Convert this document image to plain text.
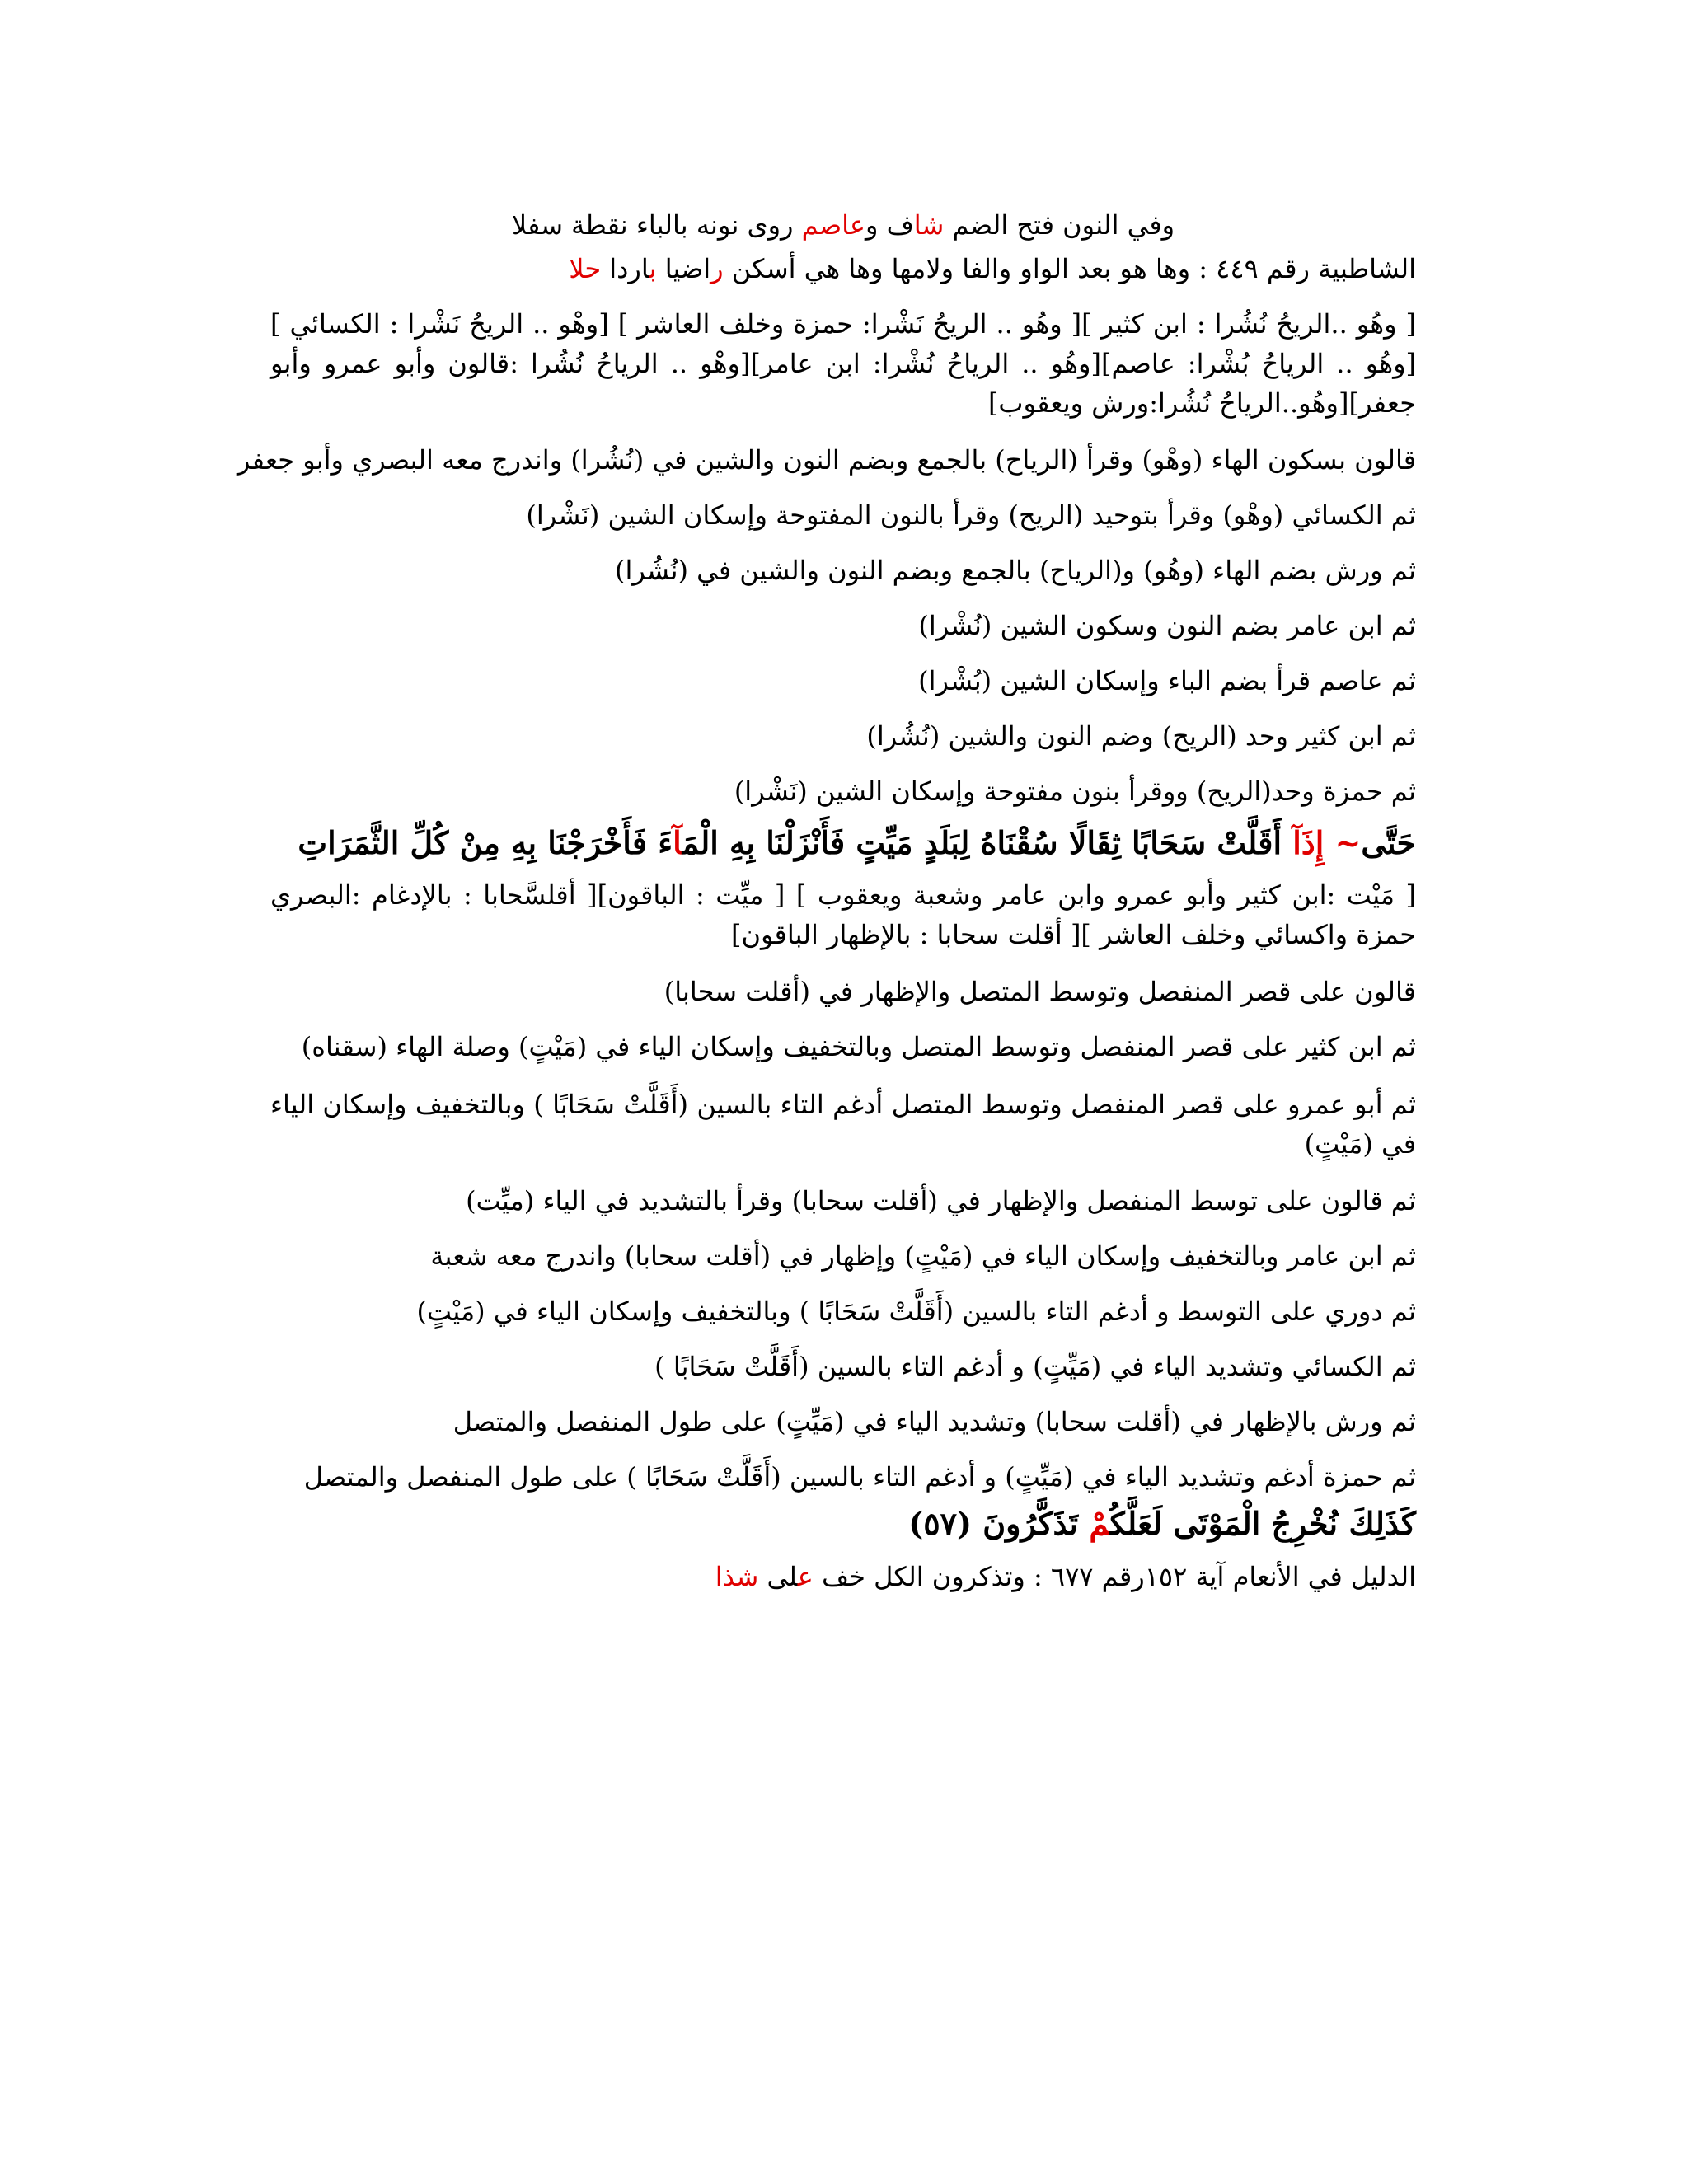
وفي النون فتح الضم شاف وعاصم روى نونه بالباء نقطة سفلا

الشاطبية رقم ٤٤٩ : وها هو بعد الواو والفا ولامها وها هي أسكن راضيا باردا حلا

[ وهُو ..الريحُ نُشُرا : ابن كثير ][ وهُو .. الريحُ نَشْرا: حمزة وخلف العاشر ] [وهْو .. الريحُ نَشْرا : الكسائي ][وهُو .. الرياحُ بُشْرا: عاصم][وهُو .. الرياحُ نُشْرا: ابن عامر][وهْو .. الرياحُ نُشُرا :قالون وأبو عمرو وأبو جعفر][وهُو..الرياحُ نُشُرا:ورش ويعقوب]

قالون بسكون الهاء (وهْو) وقرأ (الرياح) بالجمع وبضم النون والشين في (نُشُرا) واندرج معه البصري وأبو جعفر

ثم الكسائي (وهْو) وقرأ بتوحيد (الريح) وقرأ بالنون المفتوحة وإسكان الشين (نَشْرا)

ثم ورش بضم الهاء (وهُو) و(الرياح) بالجمع وبضم النون والشين في (نُشُرا)

ثم ابن عامر بضم النون وسكون الشين (نُشْرا)

ثم عاصم قرأ بضم الباء وإسكان الشين (بُشْرا)

ثم ابن كثير وحد (الريح) وضم النون والشين (نُشُرا)

ثم حمزة وحد(الريح) ووقرأ بنون مفتوحة وإسكان الشين (نَشْرا)

حَتَّى~ إِذَآ أَقَلَّتْ سَحَابًا ثِقَالًا سُقْنَاهُ لِبَلَدٍ مَيِّتٍ فَأَنْزَلْنَا بِهِ الْمَآءَ فَأَخْرَجْنَا بِهِ مِنْ كُلِّ الثَّمَرَاتِ

[ مَيْت :ابن كثير وأبو عمرو وابن عامر وشعبة ويعقوب ] [ ميِّت : الباقون][ أقلسَّحابا : بالإدغام :البصري حمزة واكسائي وخلف العاشر ][ أقلت سحابا : بالإظهار الباقون]

قالون على قصر المنفصل وتوسط المتصل والإظهار في (أقلت سحابا)

ثم ابن كثير على قصر المنفصل وتوسط المتصل وبالتخفيف وإسكان الياء في (مَيْتٍ) وصلة الهاء (سقناه)

ثم أبو عمرو على قصر المنفصل وتوسط المتصل أدغم التاء بالسين (أَقَلَّتْ سَحَابًا ) وبالتخفيف وإسكان الياء في (مَيْتٍ)

ثم قالون على توسط المنفصل والإظهار في (أقلت سحابا) وقرأ بالتشديد في الياء (ميِّت)

ثم ابن عامر وبالتخفيف وإسكان الياء في (مَيْتٍ) وإظهار في (أقلت سحابا) واندرج معه شعبة

ثم دوري على التوسط و أدغم التاء بالسين (أَقَلَّتْ سَحَابًا ) وبالتخفيف وإسكان الياء في (مَيْتٍ)

ثم الكسائي وتشديد الياء في (مَيِّتٍ) و أدغم التاء بالسين (أَقَلَّتْ سَحَابًا )

ثم ورش بالإظهار في (أقلت سحابا) وتشديد الياء في (مَيِّتٍ) على طول المنفصل والمتصل

ثم حمزة أدغم وتشديد الياء في (مَيِّتٍ) و أدغم التاء بالسين (أَقَلَّتْ سَحَابًا ) على طول المنفصل والمتصل

كَذَلِكَ نُخْرِجُ الْمَوْتَى لَعَلَّكُمْ تَذَكَّرُونَ (٥٧)

الدليل في الأنعام آية ١٥٢رقم ٦٧٧ : وتذكرون الكل خف على شذا
